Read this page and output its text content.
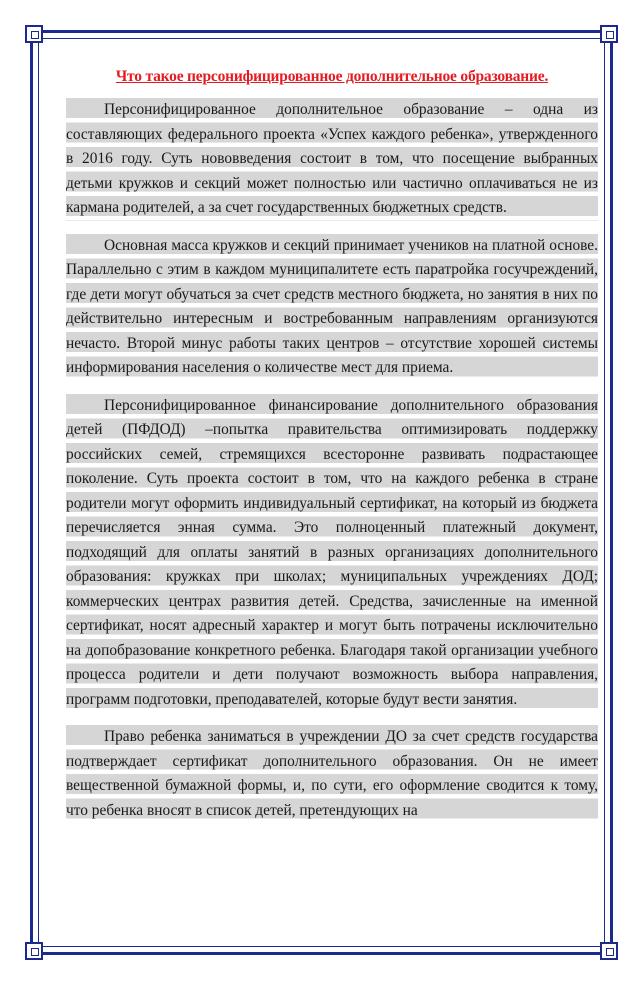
Что такое персонифицированное дополнительное образование.

Персонифицированное дополнительное образование – одна из составляющих федерального проекта «Успех каждого ребенка», утвержденного в 2016 году. Суть нововведения состоит в том, что посещение выбранных детьми кружков и секций может полностью или частично оплачиваться не из кармана родителей, а за счет государственных бюджетных средств.

Основная масса кружков и секций принимает учеников на платной основе. Параллельно с этим в каждом муниципалитете есть паратройка госучреждений, где дети могут обучаться за счет средств местного бюджета, но занятия в них по действительно интересным и востребованным направлениям организуются нечасто. Второй минус работы таких центров – отсутствие хорошей системы информирования населения о количестве мест для приема.

Персонифицированное финансирование дополнительного образования детей (ПФДОД) –попытка правительства оптимизировать поддержку российских семей, стремящихся всесторонне развивать подрастающее поколение. Суть проекта состоит в том, что на каждого ребенка в стране родители могут оформить индивидуальный сертификат, на который из бюджета перечисляется энная сумма. Это полноценный платежный документ, подходящий для оплаты занятий в разных организациях дополнительного образования: кружках при школах; муниципальных учреждениях ДОД; коммерческих центрах развития детей. Средства, зачисленные на именной сертификат, носят адресный характер и могут быть потрачены исключительно на допобразование конкретного ребенка. Благодаря такой организации учебного процесса родители и дети получают возможность выбора направления, программ подготовки, преподавателей, которые будут вести занятия.

Право ребенка заниматься в учреждении ДО за счет средств государства подтверждает сертификат дополнительного образования. Он не имеет вещественной бумажной формы, и, по сути, его оформление сводится к тому, что ребенка вносят в список детей, претендующих на
